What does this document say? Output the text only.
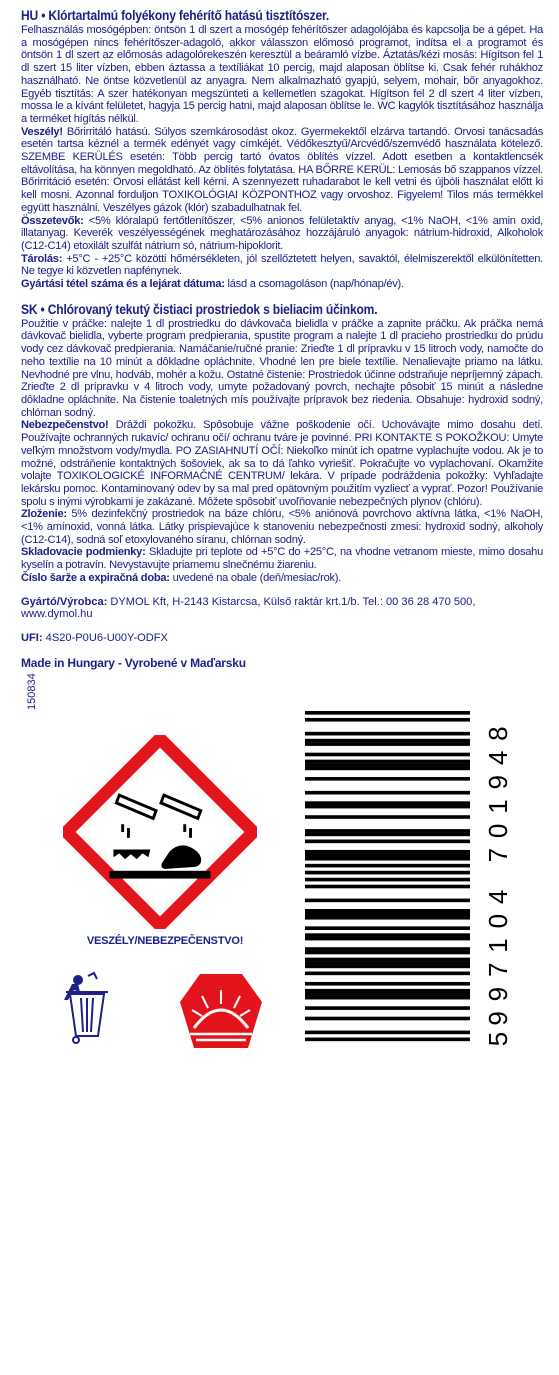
HU • Klórtartalmú folyékony fehérítő hatású tisztítószer.

Felhasználás mosógépben: öntsön 1 dl szert a mosógép fehérítőszer adagolójába és kapcsolja be a gépet. Ha a mosógépen nincs fehérítőszer-adagoló, akkor válasszon előmosó programot, indítsa el a programot és öntsön 1 dl szert az előmosás adagolórekeszén keresztül a beáramló vízbe. Áztatás/kézi mosás: Hígítson fel 1 dl szert 15 liter vízben, ebben áztassa a textíliákat 10 percig, majd alaposan öblítse ki. Csak fehér ruhákhoz használható. Ne öntse közvetlenül az anyagra. Nem alkalmazható gyapjú, selyem, mohair, bőr anyagokhoz. Egyéb tisztítás: A szer hatékonyan megszünteti a kellemetlen szagokat. Hígítson fel 2 dl szert 4 liter vízben, mossa le a kívánt felületet, hagyja 15 percig hatni, majd alaposan öblítse le. WC kagylók tisztításához használja a terméket hígítás nélkül.

Veszély! Bőrirritáló hatású. Súlyos szemkárosodást okoz. Gyermekektől elzárva tartandó. Orvosi tanácsadás esetén tartsa kéznél a termék edényét vagy címkéjét. Védőkesztyű/Arcvédő/szemvédő használata kötelező. SZEMBE KERÜLÉS esetén: Több percig tartó óvatos öblítés vízzel. Adott esetben a kontaktlencsék eltávolítása, ha könnyen megoldható. Az öblítés folytatása. HA BŐRRE KERÜL: Lemosás bő szappanos vízzel. Bőrirritáció esetén: Orvosi ellátást kell kérni. A szennyezett ruhadarabot le kell vetni és újbóli használat előtt ki kell mosni. Azonnal forduljon TOXIKOLÓGIAI KÖZPONTHOZ vagy orvoshoz. Figyelem! Tilos más termékkel együtt használni. Veszélyes gázok (klór) szabadulhatnak fel.

Összetevők: <5% klóralapú fertőtlenítőszer, <5% anionos felületaktív anyag, <1% NaOH, <1% amin oxid, illatanyag. Keverék veszélyességének meghatározásához hozzájáruló anyagok: nátrium-hidroxid, Alkoholok (C12-C14) etoxilált szulfát nátrium só, nátrium-hipoklorit.

Tárolás: +5°C - +25°C közötti hőmérsékleten, jól szellőztetett helyen, savaktól, élelmiszerektől elkülönítetten. Ne tegye ki közvetlen napfénynek.

Gyártási tétel száma és a lejárat dátuma: lásd a csomagoláson (nap/hónap/év).

SK • Chlórovaný tekutý čistiaci prostriedok s bieliacim účinkom.

Použitie v práčke: nalejte 1 dl prostriedku do dávkovača bielidla v práčke a zapnite práčku. Ak práčka nemá dávkovač bielidla, vyberte program predpierania, spustite program a nalejte 1 dl pracieho prostriedku do prúdu vody cez dávkovač predpierania. Namáčanie/ručné pranie: Zrieďte 1 dl prípravku v 15 litroch vody, namočte do neho textílie na 10 minút a dôkladne opláchnite. Vhodné len pre biele textílie. Nenalievajte priamo na látku. Nevhodné pre vlnu, hodváb, mohér a kožu. Ostatné čistenie: Prostriedok účinne odstraňuje nepríjemný zápach. Zrieďte 2 dl prípravku v 4 litroch vody, umyte požadovaný povrch, nechajte pôsobiť 15 minút a následne dôkladne opláchnite. Na čistenie toaletných mís používajte prípravok bez riedenia. Obsahuje: hydroxid sodný, chlórnan sodný.

Nebezpečenstvo! Dráždi pokožku. Spôsobuje vážne poškodenie očí. Uchovávajte mimo dosahu detí. Používajte ochranných rukavíc/ ochranu očí/ ochranu tváre je povinné. PRI KONTAKTE S POKOŽKOU: Umyte veľkým množstvom vody/mydla. PO ZASIAHNUTÍ OČÍ: Niekoľko minút ich opatrne vyplachujte vodou. Ak je to možné, odstráňenie kontaktných šošoviek, ak sa to dá ľahko vyriešiť. Pokračujte vo vyplachovaní. Okamžite volajte TOXIKOLOGICKÉ INFORMAČNÉ CENTRUM/ lekára. V prípade podráždenia pokožky: Vyhľadajte lekársku pomoc. Kontaminovaný odev by sa mal pred opätovným použitím vyzliecť a vyprať. Pozor! Používanie spolu s inými výrobkami je zakázané. Môžete spôsobiť uvoľňovanie nebezpečných plynov (chlóru).

Zloženie: 5% dezinfekčný prostriedok na báze chlóru, <5% aniónová povrchovo aktívna látka, <1% NaOH, <1% amínoxid, vonná látka. Látky prispievajúce k stanoveniu nebezpečnosti zmesi: hydroxid sodný, alkoholy (C12-C14), sodná soľ etoxylovaného síranu, chlórnan sodný.

Skladovacie podmienky: Skladujte pri teplote od +5°C do +25°C, na vhodne vetranom mieste, mimo dosahu kyselín a potravín. Nevystavujte priamemu slnečnému žiareniu.

Číslo šarže a expiračná doba: uvedené na obale (deň/mesiac/rok).

Gyártó/Výrobca: DYMOL Kft, H-2143 Kistarcsa, Külső raktár krt.1/b. Tel.: 00 36 28 470 500, www.dymol.hu

UFI: 4S20-P0U6-U00Y-ODFX

Made in Hungary - Vyrobené v Maďarsku

150834
VESZÉLY/NEBEZPEČENSTVO!
5
9
9
7
1
0
4
7
0
1
9
4
8
